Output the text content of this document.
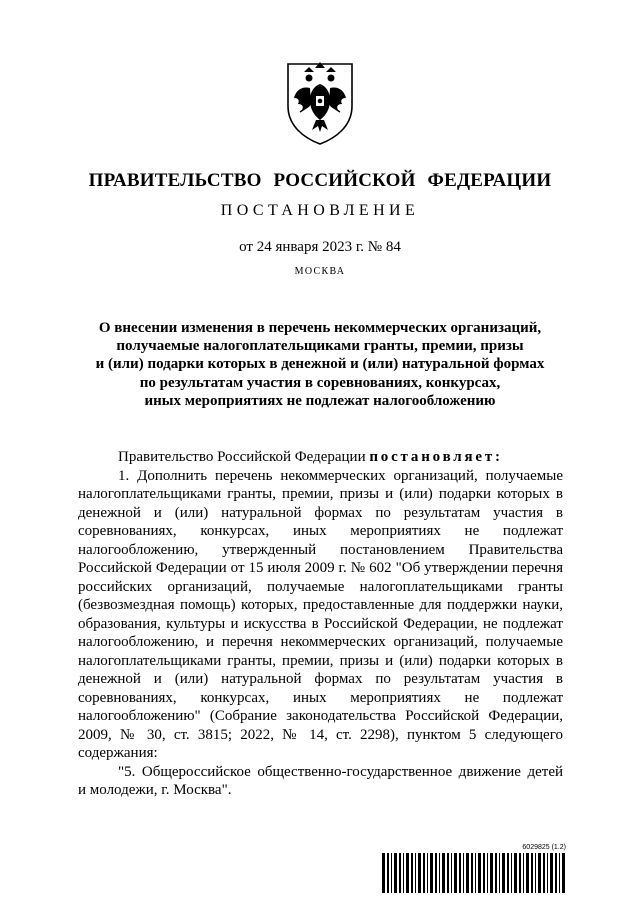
ПРАВИТЕЛЬСТВО РОССИЙСКОЙ ФЕДЕРАЦИИ
ПОСТАНОВЛЕНИЕ
от 24 января 2023 г. № 84
МОСКВА
О внесении изменения в перечень некоммерческих организаций,
получаемые налогоплательщиками гранты, премии, призы
и (или) подарки которых в денежной и (или) натуральной формах
по результатам участия в соревнованиях, конкурсах,
иных мероприятиях не подлежат налогообложению

Правительство Российской Федерации постановляет:

1. Дополнить перечень некоммерческих организаций, получаемые налогоплательщиками гранты, премии, призы и (или) подарки которых в денежной и (или) натуральной формах по результатам участия в соревнованиях, конкурсах, иных мероприятиях не подлежат налогообложению, утвержденный постановлением Правительства Российской Федерации от 15 июля 2009 г. № 602 "Об утверждении перечня российских организаций, получаемые налогоплательщиками гранты (безвозмездная помощь) которых, предоставленные для поддержки науки, образования, культуры и искусства в Российской Федерации, не подлежат налогообложению, и перечня некоммерческих организаций, получаемые налогоплательщиками гранты, премии, призы и (или) подарки которых в денежной и (или) натуральной формах по результатам участия в соревнованиях, конкурсах, иных мероприятиях не подлежат налогообложению" (Собрание законодательства Российской Федерации, 2009, № 30, ст. 3815; 2022, № 14, ст. 2298), пунктом 5 следующего содержания:

"5. Общероссийское общественно-государственное движение детей и молодежи, г. Москва".

6029825 (1.2)
